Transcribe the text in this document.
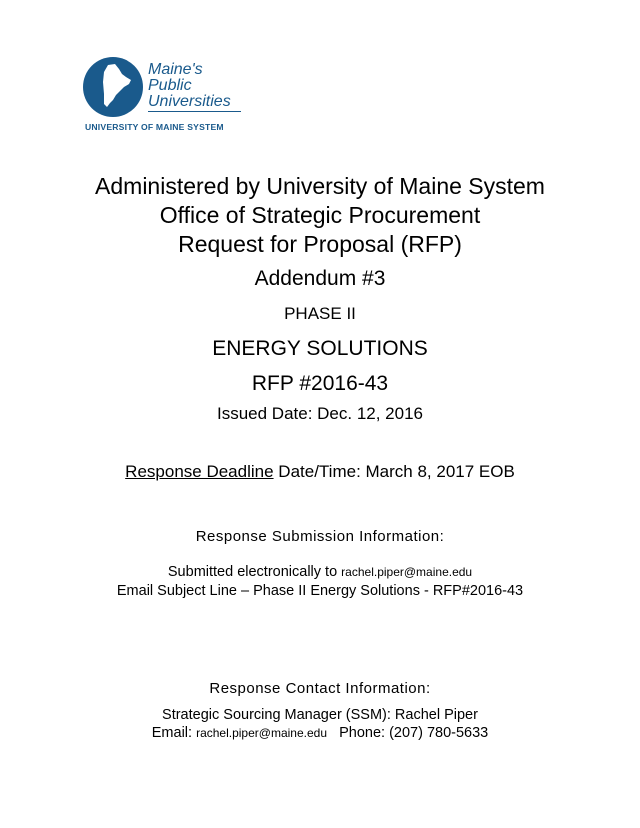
Maine's
Public
Universities
UNIVERSITY OF MAINE SYSTEM
Administered by University of Maine System
Office of Strategic Procurement
Request for Proposal (RFP)
Addendum #3
PHASE II
ENERGY SOLUTIONS
RFP #2016-43
Issued Date: Dec. 12, 2016
Response Deadline Date/Time: March 8, 2017 EOB
Response Submission Information:
Submitted electronically to rachel.piper@maine.edu
Email Subject Line – Phase II Energy Solutions - RFP#2016-43
Response Contact Information:
Strategic Sourcing Manager (SSM): Rachel Piper
Email: rachel.piper@maine.edu   Phone: (207) 780-5633
